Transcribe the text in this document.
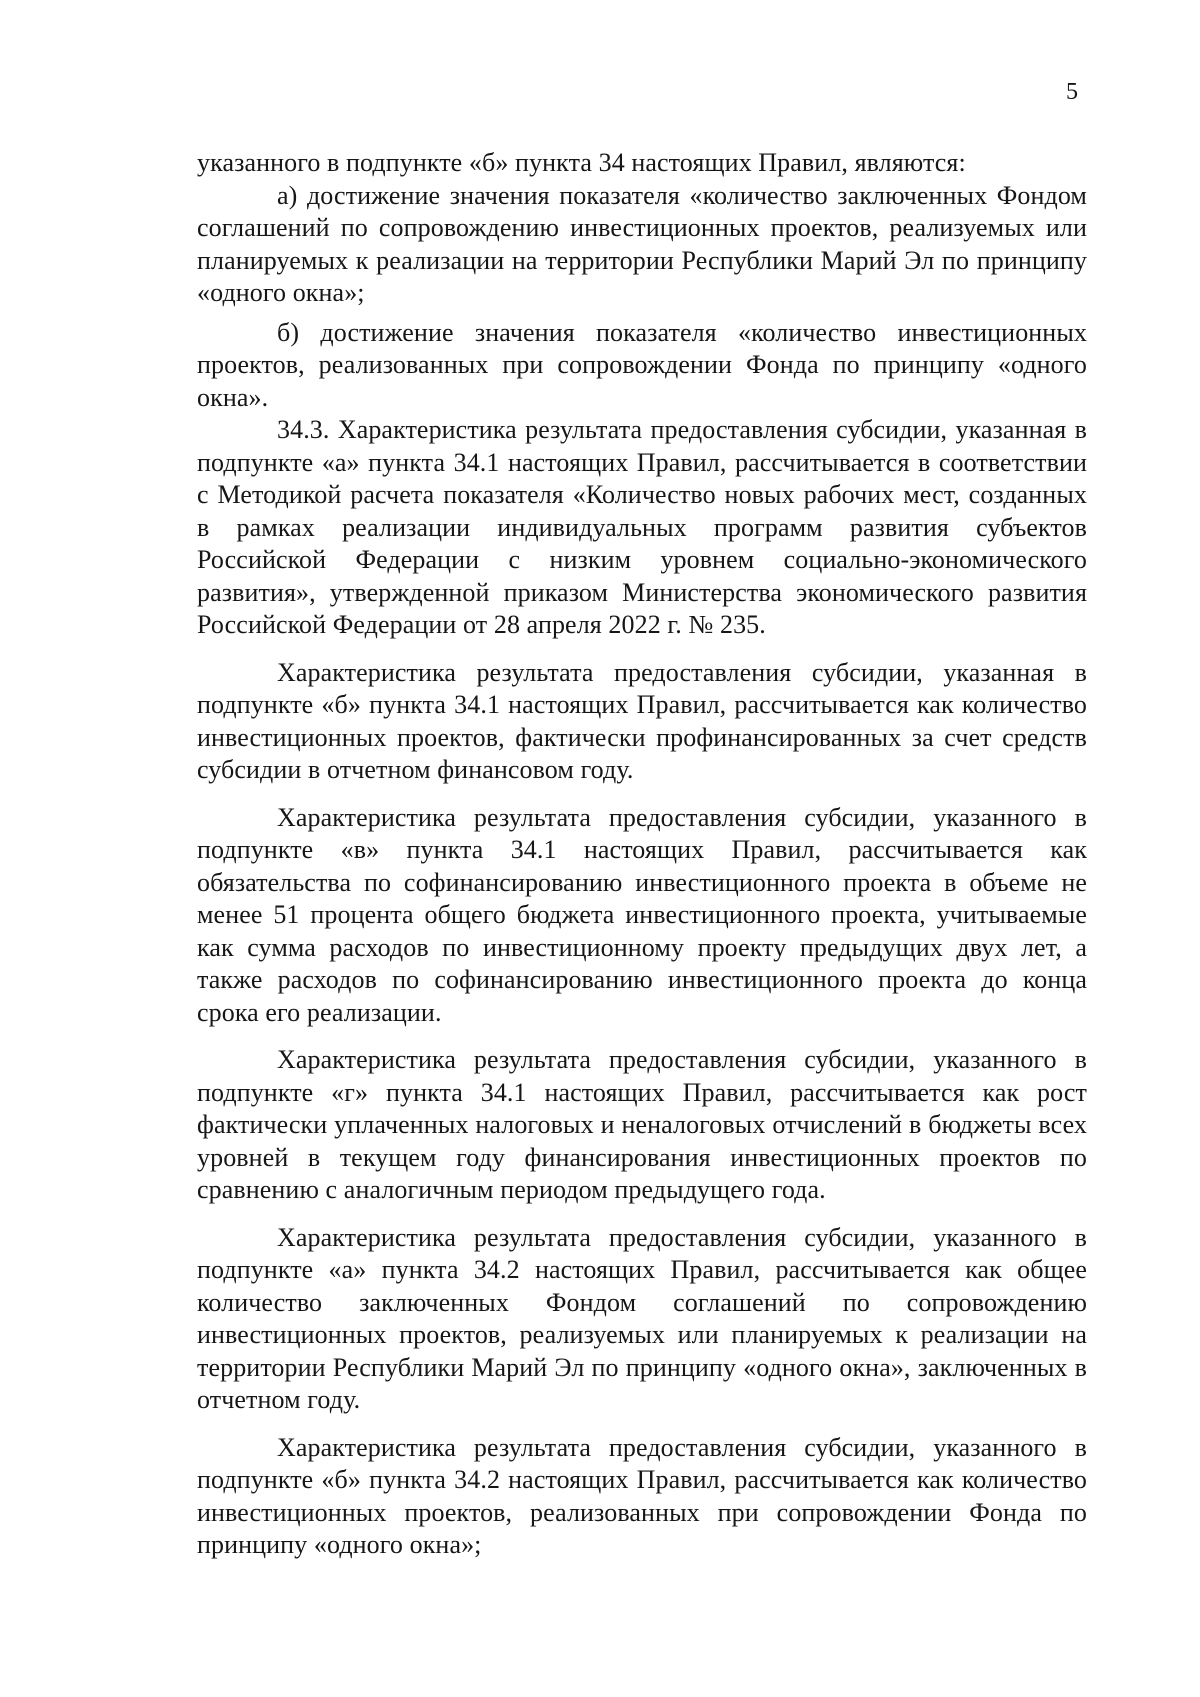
5

указанного в подпункте «б» пункта 34 настоящих Правил, являются:

а) достижение значения показателя «количество заключенных Фондом соглашений по сопровождению инвестиционных проектов, реализуемых или планируемых к реализации на территории Республики Марий Эл по принципу «одного окна»;

б) достижение значения показателя «количество инвестиционных проектов, реализованных при сопровождении Фонда по принципу «одного окна».

34.3. Характеристика результата предоставления субсидии, указанная в подпункте «а» пункта 34.1 настоящих Правил, рассчитывается в соответствии с Методикой расчета показателя «Количество новых рабочих мест, созданных в рамках реализации индивидуальных программ развития субъектов Российской Федерации с низким уровнем социально-экономического развития», утвержденной приказом Министерства экономического развития Российской Федерации от 28 апреля 2022 г. № 235.

Характеристика результата предоставления субсидии, указанная в подпункте «б» пункта 34.1 настоящих Правил, рассчитывается как количество инвестиционных проектов, фактически профинансированных за счет средств субсидии в отчетном финансовом году.

Характеристика результата предоставления субсидии, указанного в подпункте «в» пункта 34.1 настоящих Правил, рассчитывается как обязательства по софинансированию инвестиционного проекта в объеме не менее 51 процента общего бюджета инвестиционного проекта, учитываемые как сумма расходов по инвестиционному проекту предыдущих двух лет, а также расходов по софинансированию инвестиционного проекта до конца срока его реализации.

Характеристика результата предоставления субсидии, указанного в подпункте «г» пункта 34.1 настоящих Правил, рассчитывается как рост фактически уплаченных налоговых и неналоговых отчислений в бюджеты всех уровней в текущем году финансирования инвестиционных проектов по сравнению с аналогичным периодом предыдущего года.

Характеристика результата предоставления субсидии, указанного в подпункте «а» пункта 34.2 настоящих Правил, рассчитывается как общее количество заключенных Фондом соглашений по сопровождению инвестиционных проектов, реализуемых или планируемых к реализации на территории Республики Марий Эл по принципу «одного окна», заключенных в отчетном году.

Характеристика результата предоставления субсидии, указанного в подпункте «б» пункта 34.2 настоящих Правил, рассчитывается как количество инвестиционных проектов, реализованных при сопровождении Фонда по принципу «одного окна»;
